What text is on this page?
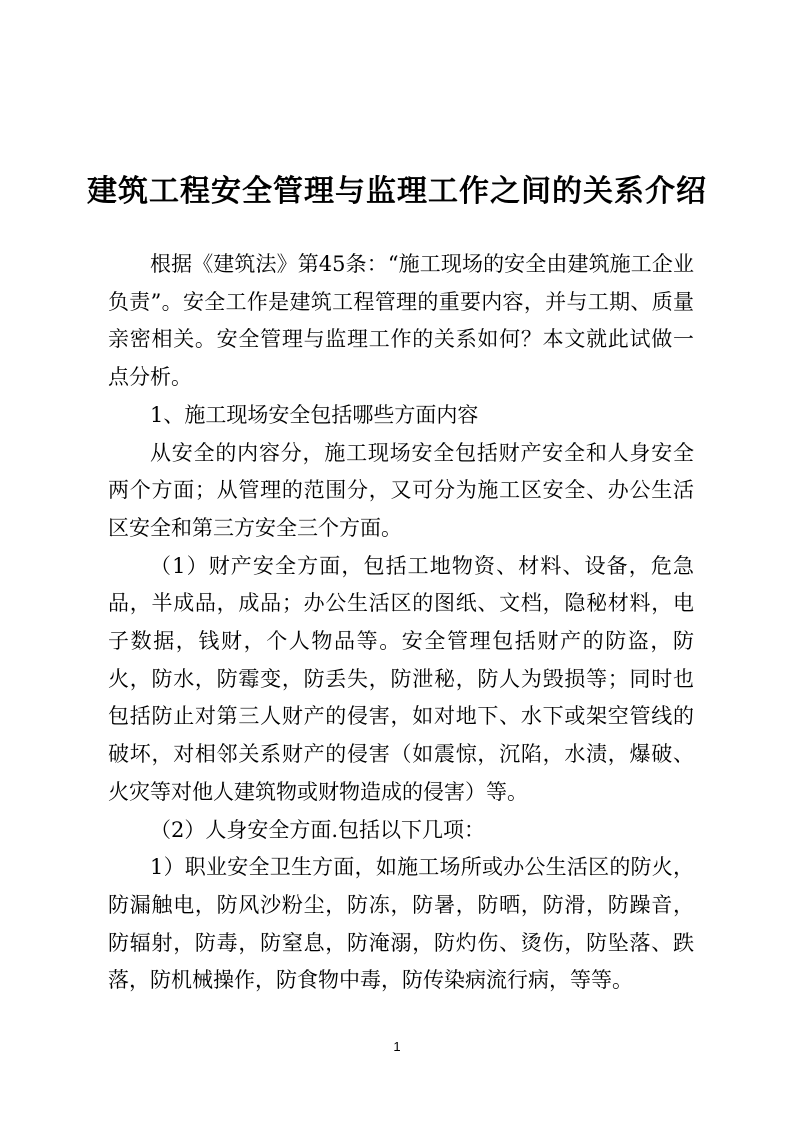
建筑工程安全管理与监理工作之间的关系介绍

根据《建筑法》第45条：“施工现场的安全由建筑施工企业负责”。安全工作是建筑工程管理的重要内容，并与工期、质量亲密相关。安全管理与监理工作的关系如何？本文就此试做一点分析。

1、施工现场安全包括哪些方面内容

从安全的内容分，施工现场安全包括财产安全和人身安全两个方面；从管理的范围分，又可分为施工区安全、办公生活区安全和第三方安全三个方面。

（1）财产安全方面，包括工地物资、材料、设备，危急品，半成品，成品；办公生活区的图纸、文档，隐秘材料，电子数据，钱财，个人物品等。安全管理包括财产的防盗，防火，防水，防霉变，防丢失，防泄秘，防人为毁损等；同时也包括防止对第三人财产的侵害，如对地下、水下或架空管线的破坏，对相邻关系财产的侵害（如震惊，沉陷，水渍，爆破、火灾等对他人建筑物或财物造成的侵害）等。

（2）人身安全方面.包括以下几项：

1）职业安全卫生方面，如施工场所或办公生活区的防火，防漏触电，防风沙粉尘，防冻，防暑，防晒，防滑，防躁音，防辐射，防毒，防窒息，防淹溺，防灼伤、烫伤，防坠落、跌落，防机械操作，防食物中毒，防传染病流行病，等等。

1
